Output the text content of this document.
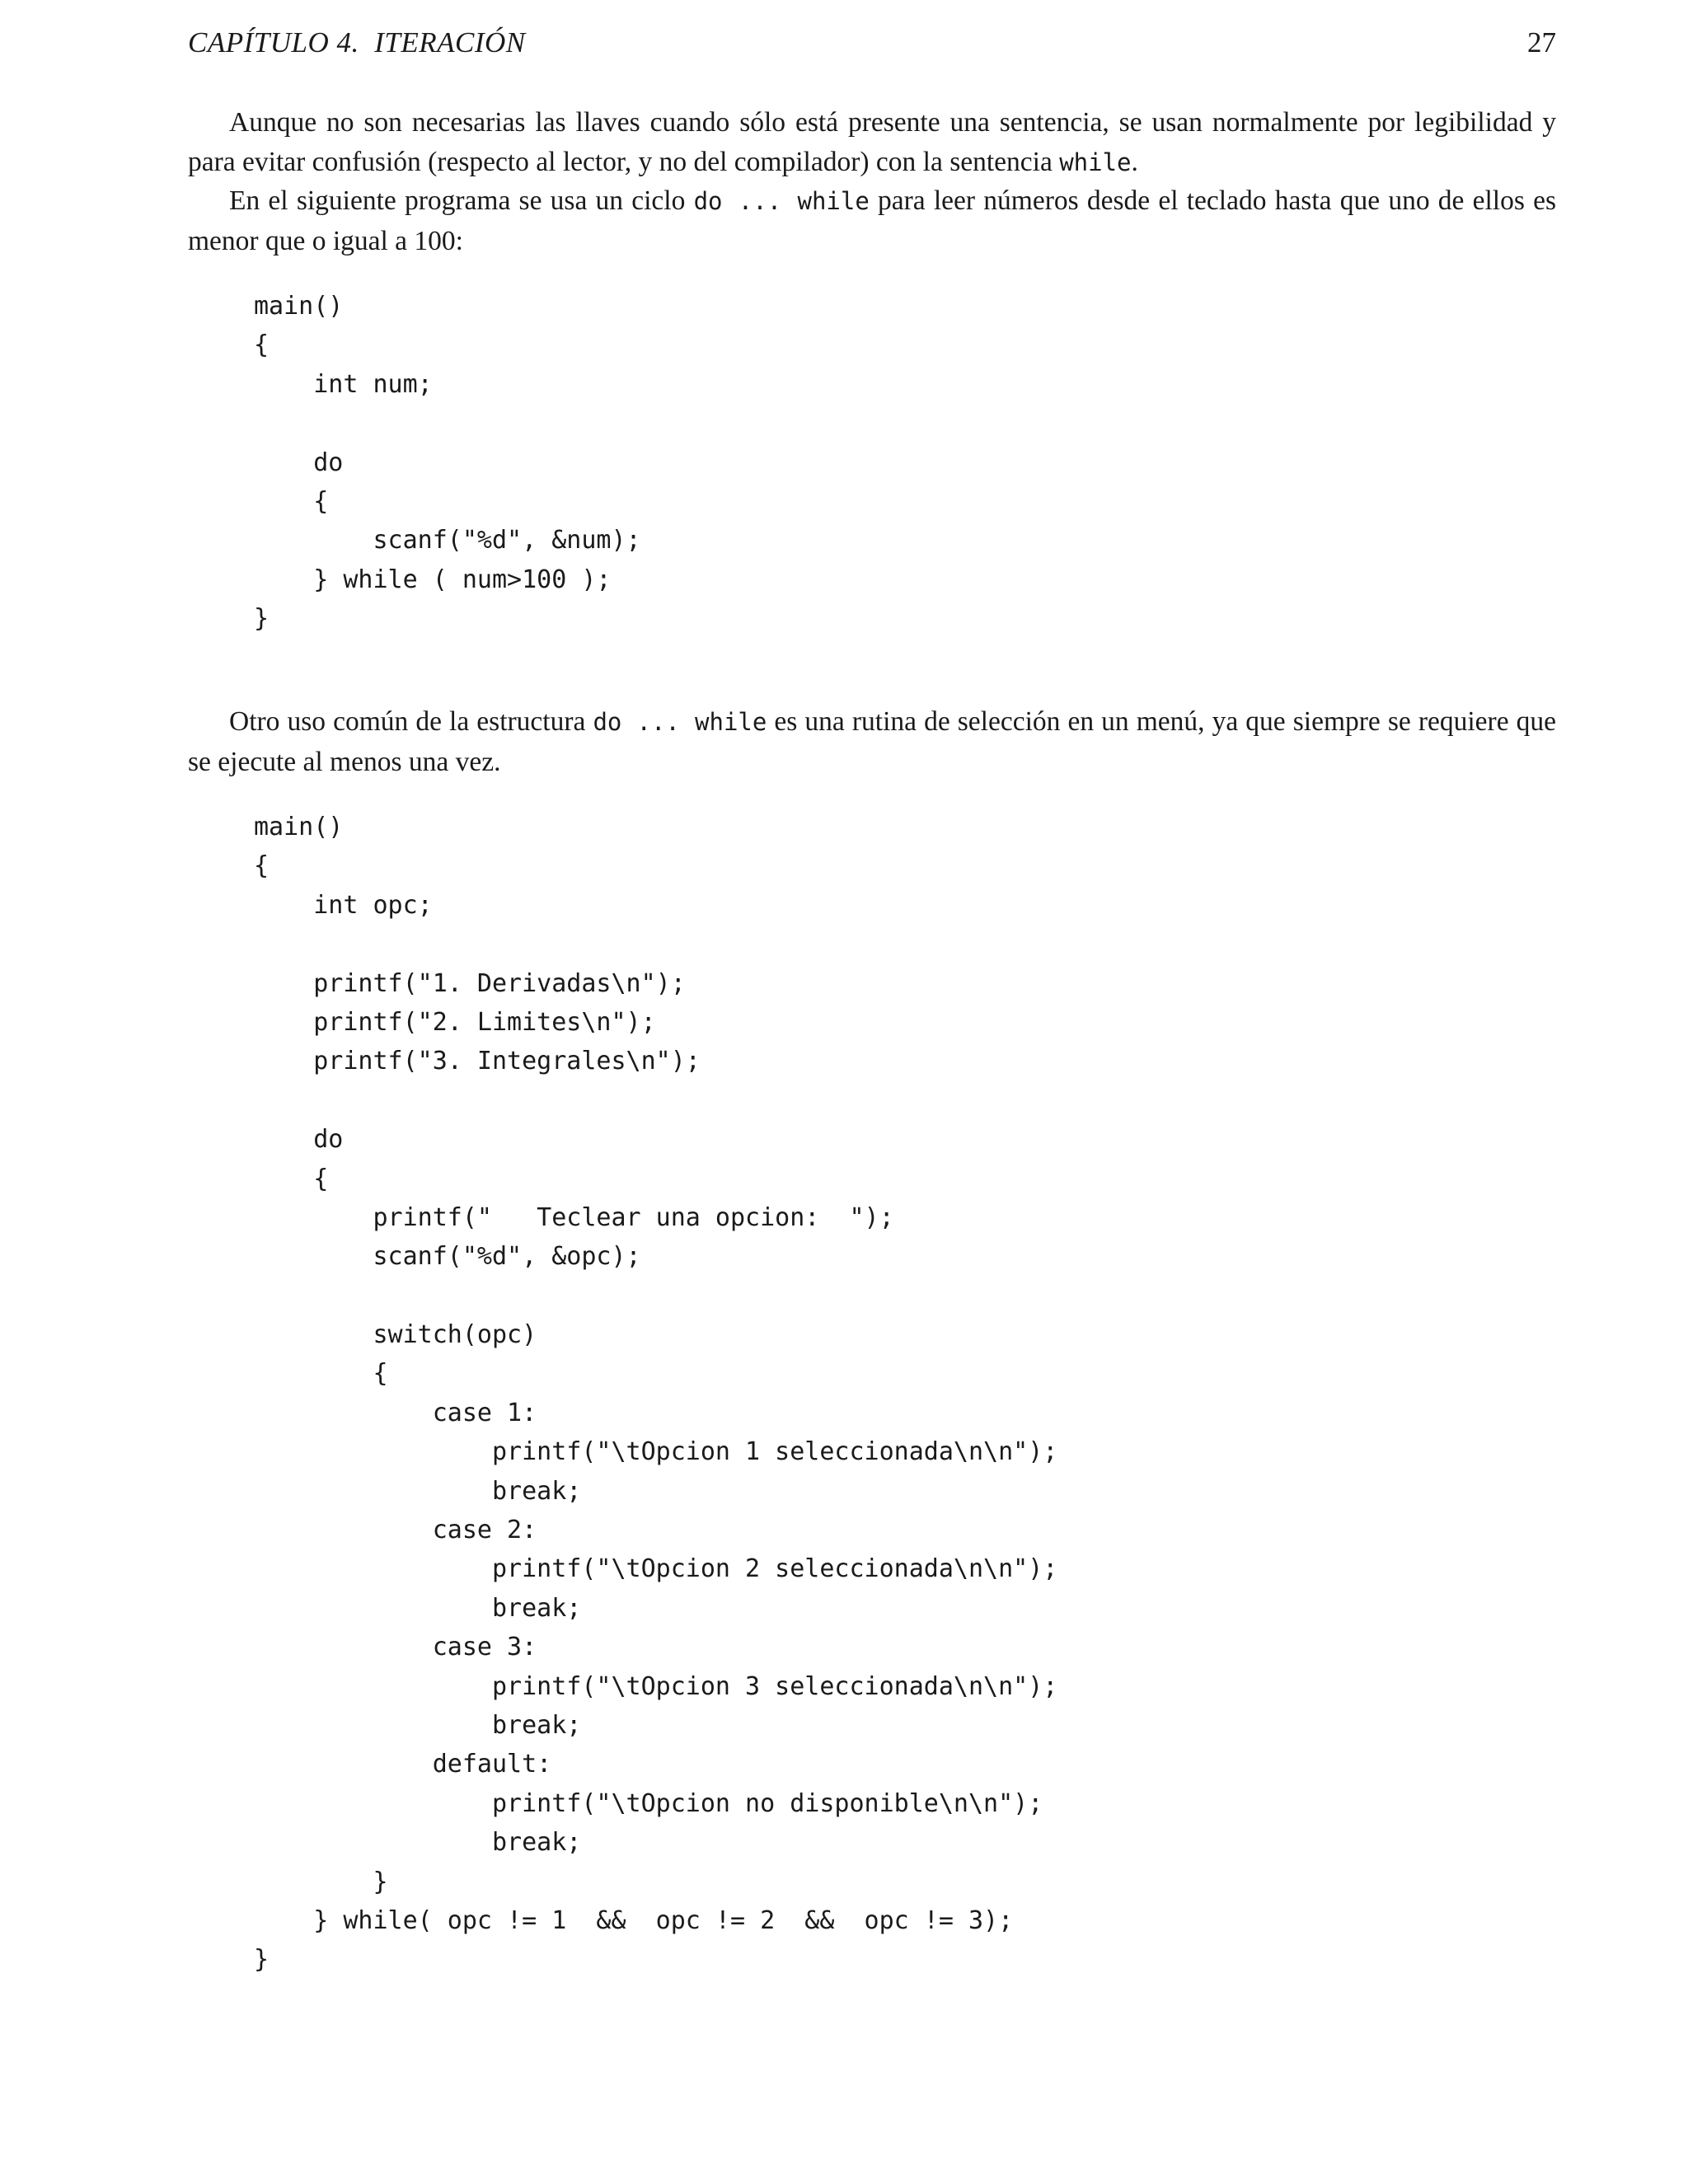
CAPÍTULO 4.  ITERACIÓN	27

Aunque no son necesarias las llaves cuando sólo está presente una sentencia, se usan normalmente por legibilidad y para evitar confusión (respecto al lector, y no del compilador) con la sentencia while.

En el siguiente programa se usa un ciclo do ... while para leer números desde el teclado hasta que uno de ellos es menor que o igual a 100:

main()
{
int num;
do
{
scanf("%d", &num);
} while ( num>100 );
}

Otro uso común de la estructura do ... while es una rutina de selección en un menú, ya que siempre se requiere que se ejecute al menos una vez.

main()
{
int opc;
printf("1. Derivadas\n");
printf("2. Limites\n");
printf("3. Integrales\n");
do
{
printf("   Teclear una opcion:  ");
scanf("%d", &opc);
switch(opc)
{
case 1:
printf("\tOpcion 1 seleccionada\n\n");
break;
case 2:
printf("\tOpcion 2 seleccionada\n\n");
break;
case 3:
printf("\tOpcion 3 seleccionada\n\n");
break;
default:
printf("\tOpcion no disponible\n\n");
break;
}
} while( opc != 1  &&  opc != 2  &&  opc != 3);
}
